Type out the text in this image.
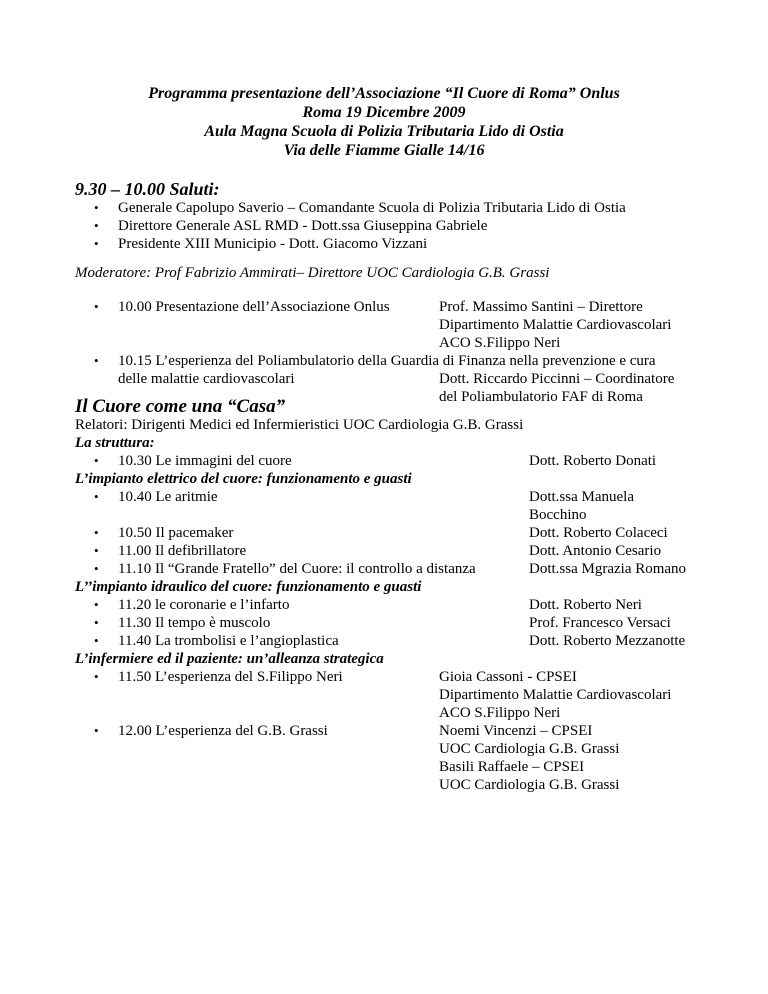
Programma presentazione dell’Associazione “Il Cuore di Roma” Onlus
Roma 19 Dicembre 2009
Aula Magna Scuola di Polizia Tributaria Lido di Ostia
Via delle Fiamme Gialle 14/16
9.30 – 10.00 Saluti:
• Generale Capolupo Saverio – Comandante Scuola di Polizia Tributaria Lido di Ostia
• Direttore Generale ASL RMD - Dott.ssa Giuseppina Gabriele
• Presidente XIII Municipio - Dott. Giacomo Vizzani
Moderatore: Prof Fabrizio Ammirati– Direttore UOC Cardiologia G.B. Grassi
• 10.00 Presentazione dell’Associazione Onlus	Prof. Massimo Santini – Direttore
Dipartimento Malattie Cardiovascolari
ACO S.Filippo Neri
• 10.15 L’esperienza del Poliambulatorio della Guardia di Finanza nella prevenzione e cura
delle malattie cardiovascolari	Dott. Riccardo Piccinni – Coordinatore
del Poliambulatorio FAF di Roma
Il Cuore come una “Casa”
Relatori: Dirigenti Medici ed Infermieristici UOC Cardiologia G.B. Grassi
La struttura:
• 10.30 Le immagini del cuore	Dott. Roberto Donati
L’impianto elettrico del cuore: funzionamento e guasti
• 10.40 Le aritmie	Dott.ssa Manuela
Bocchino
• 10.50 Il pacemaker	Dott. Roberto Colaceci
• 11.00 Il defibrillatore	Dott. Antonio Cesario
• 11.10 Il “Grande Fratello” del Cuore: il controllo a distanza	Dott.ssa Mgrazia Romano
L’’impianto idraulico del cuore: funzionamento e guasti
• 11.20 le coronarie e l’infarto	Dott. Roberto Neri
• 11.30 Il tempo è muscolo	Prof. Francesco Versaci
• 11.40 La trombolisi e l’angioplastica	Dott. Roberto Mezzanotte
L’infermiere ed il paziente: un’alleanza strategica
• 11.50 L’esperienza del S.Filippo Neri	Gioia Cassoni - CPSEI
Dipartimento Malattie Cardiovascolari
ACO S.Filippo Neri
• 12.00 L’esperienza del G.B. Grassi	Noemi Vincenzi – CPSEI
UOC Cardiologia G.B. Grassi
Basili Raffaele – CPSEI
UOC Cardiologia G.B. Grassi
